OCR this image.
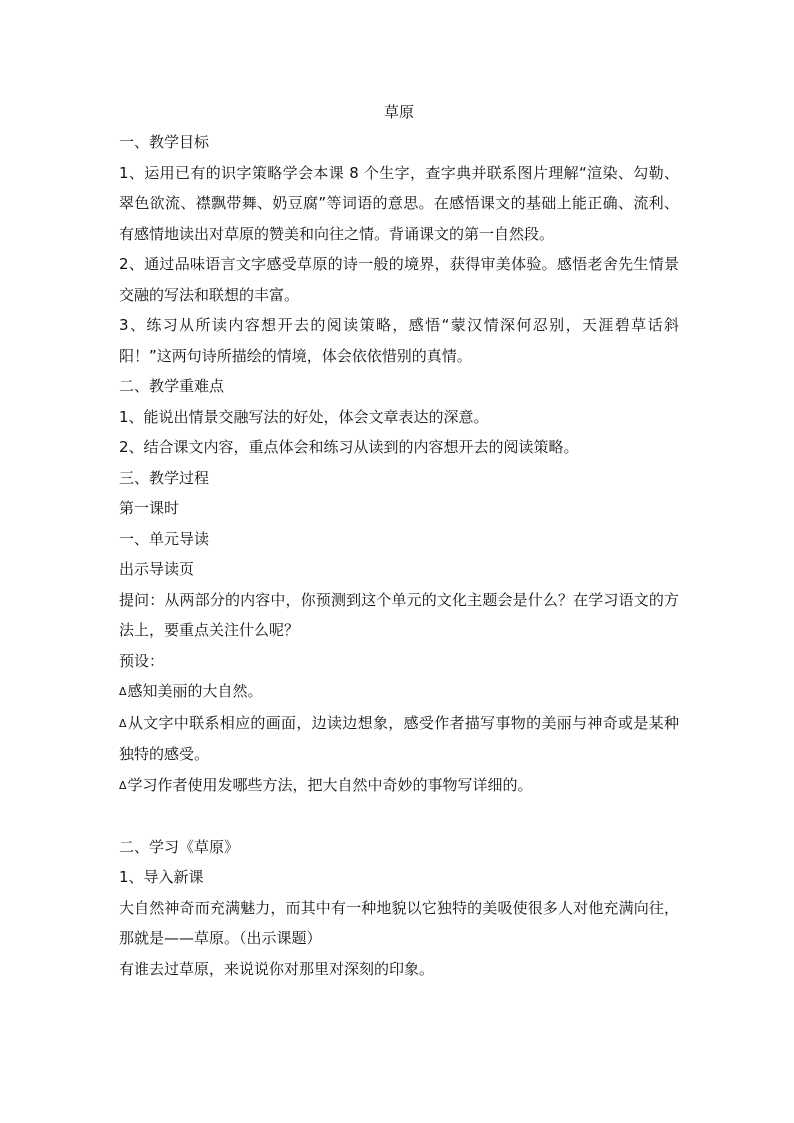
草原

一、教学目标

1、运用已有的识字策略学会本课 8 个生字，查字典并联系图片理解“渲染、勾勒、翠色欲流、襟飘带舞、奶豆腐”等词语的意思。在感悟课文的基础上能正确、流利、有感情地读出对草原的赞美和向往之情。背诵课文的第一自然段。

2、通过品味语言文字感受草原的诗一般的境界，获得审美体验。感悟老舍先生情景交融的写法和联想的丰富。

3、练习从所读内容想开去的阅读策略，感悟“蒙汉情深何忍别，天涯碧草话斜阳！”这两句诗所描绘的情境，体会依依惜别的真情。

二、教学重难点

1、能说出情景交融写法的好处，体会文章表达的深意。

2、结合课文内容，重点体会和练习从读到的内容想开去的阅读策略。

三、教学过程

第一课时

一、单元导读

出示导读页

提问：从两部分的内容中，你预测到这个单元的文化主题会是什么？在学习语文的方法上，要重点关注什么呢？

预设：

Δ感知美丽的大自然。

Δ从文字中联系相应的画面，边读边想象，感受作者描写事物的美丽与神奇或是某种独特的感受。

Δ学习作者使用发哪些方法，把大自然中奇妙的事物写详细的。

二、学习《草原》

1、导入新课

大自然神奇而充满魅力，而其中有一种地貌以它独特的美吸使很多人对他充满向往，那就是——草原。（出示课题）

有谁去过草原，来说说你对那里对深刻的印象。
